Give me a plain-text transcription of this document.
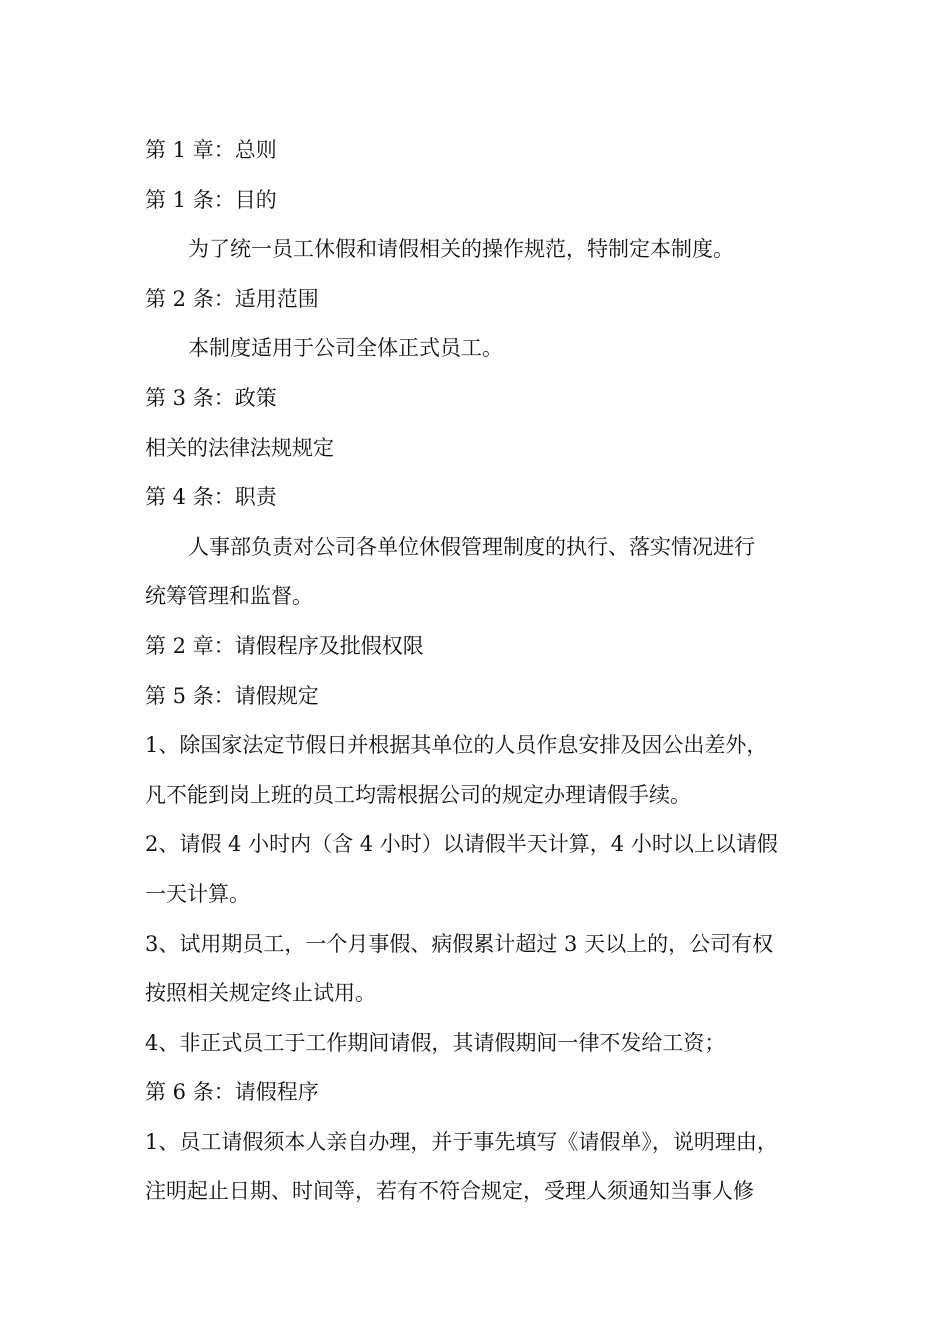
第 1 章：总则

第 1 条：目的

为了统一员工休假和请假相关的操作规范，特制定本制度。

第 2 条：适用范围

本制度适用于公司全体正式员工。

第 3 条：政策

相关的法律法规规定

第 4 条：职责

人事部负责对公司各单位休假管理制度的执行、落实情况进行

统筹管理和监督。

第 2 章：请假程序及批假权限

第 5 条：请假规定

1、除国家法定节假日并根据其单位的人员作息安排及因公出差外，

凡不能到岗上班的员工均需根据公司的规定办理请假手续。

2、请假 4 小时内（含 4 小时）以请假半天计算，4 小时以上以请假

一天计算。

3、试用期员工，一个月事假、病假累计超过 3 天以上的，公司有权

按照相关规定终止试用。

4、非正式员工于工作期间请假，其请假期间一律不发给工资；

第 6 条：请假程序

1、员工请假须本人亲自办理，并于事先填写《请假单》，说明理由，

注明起止日期、时间等，若有不符合规定，受理人须通知当事人修
